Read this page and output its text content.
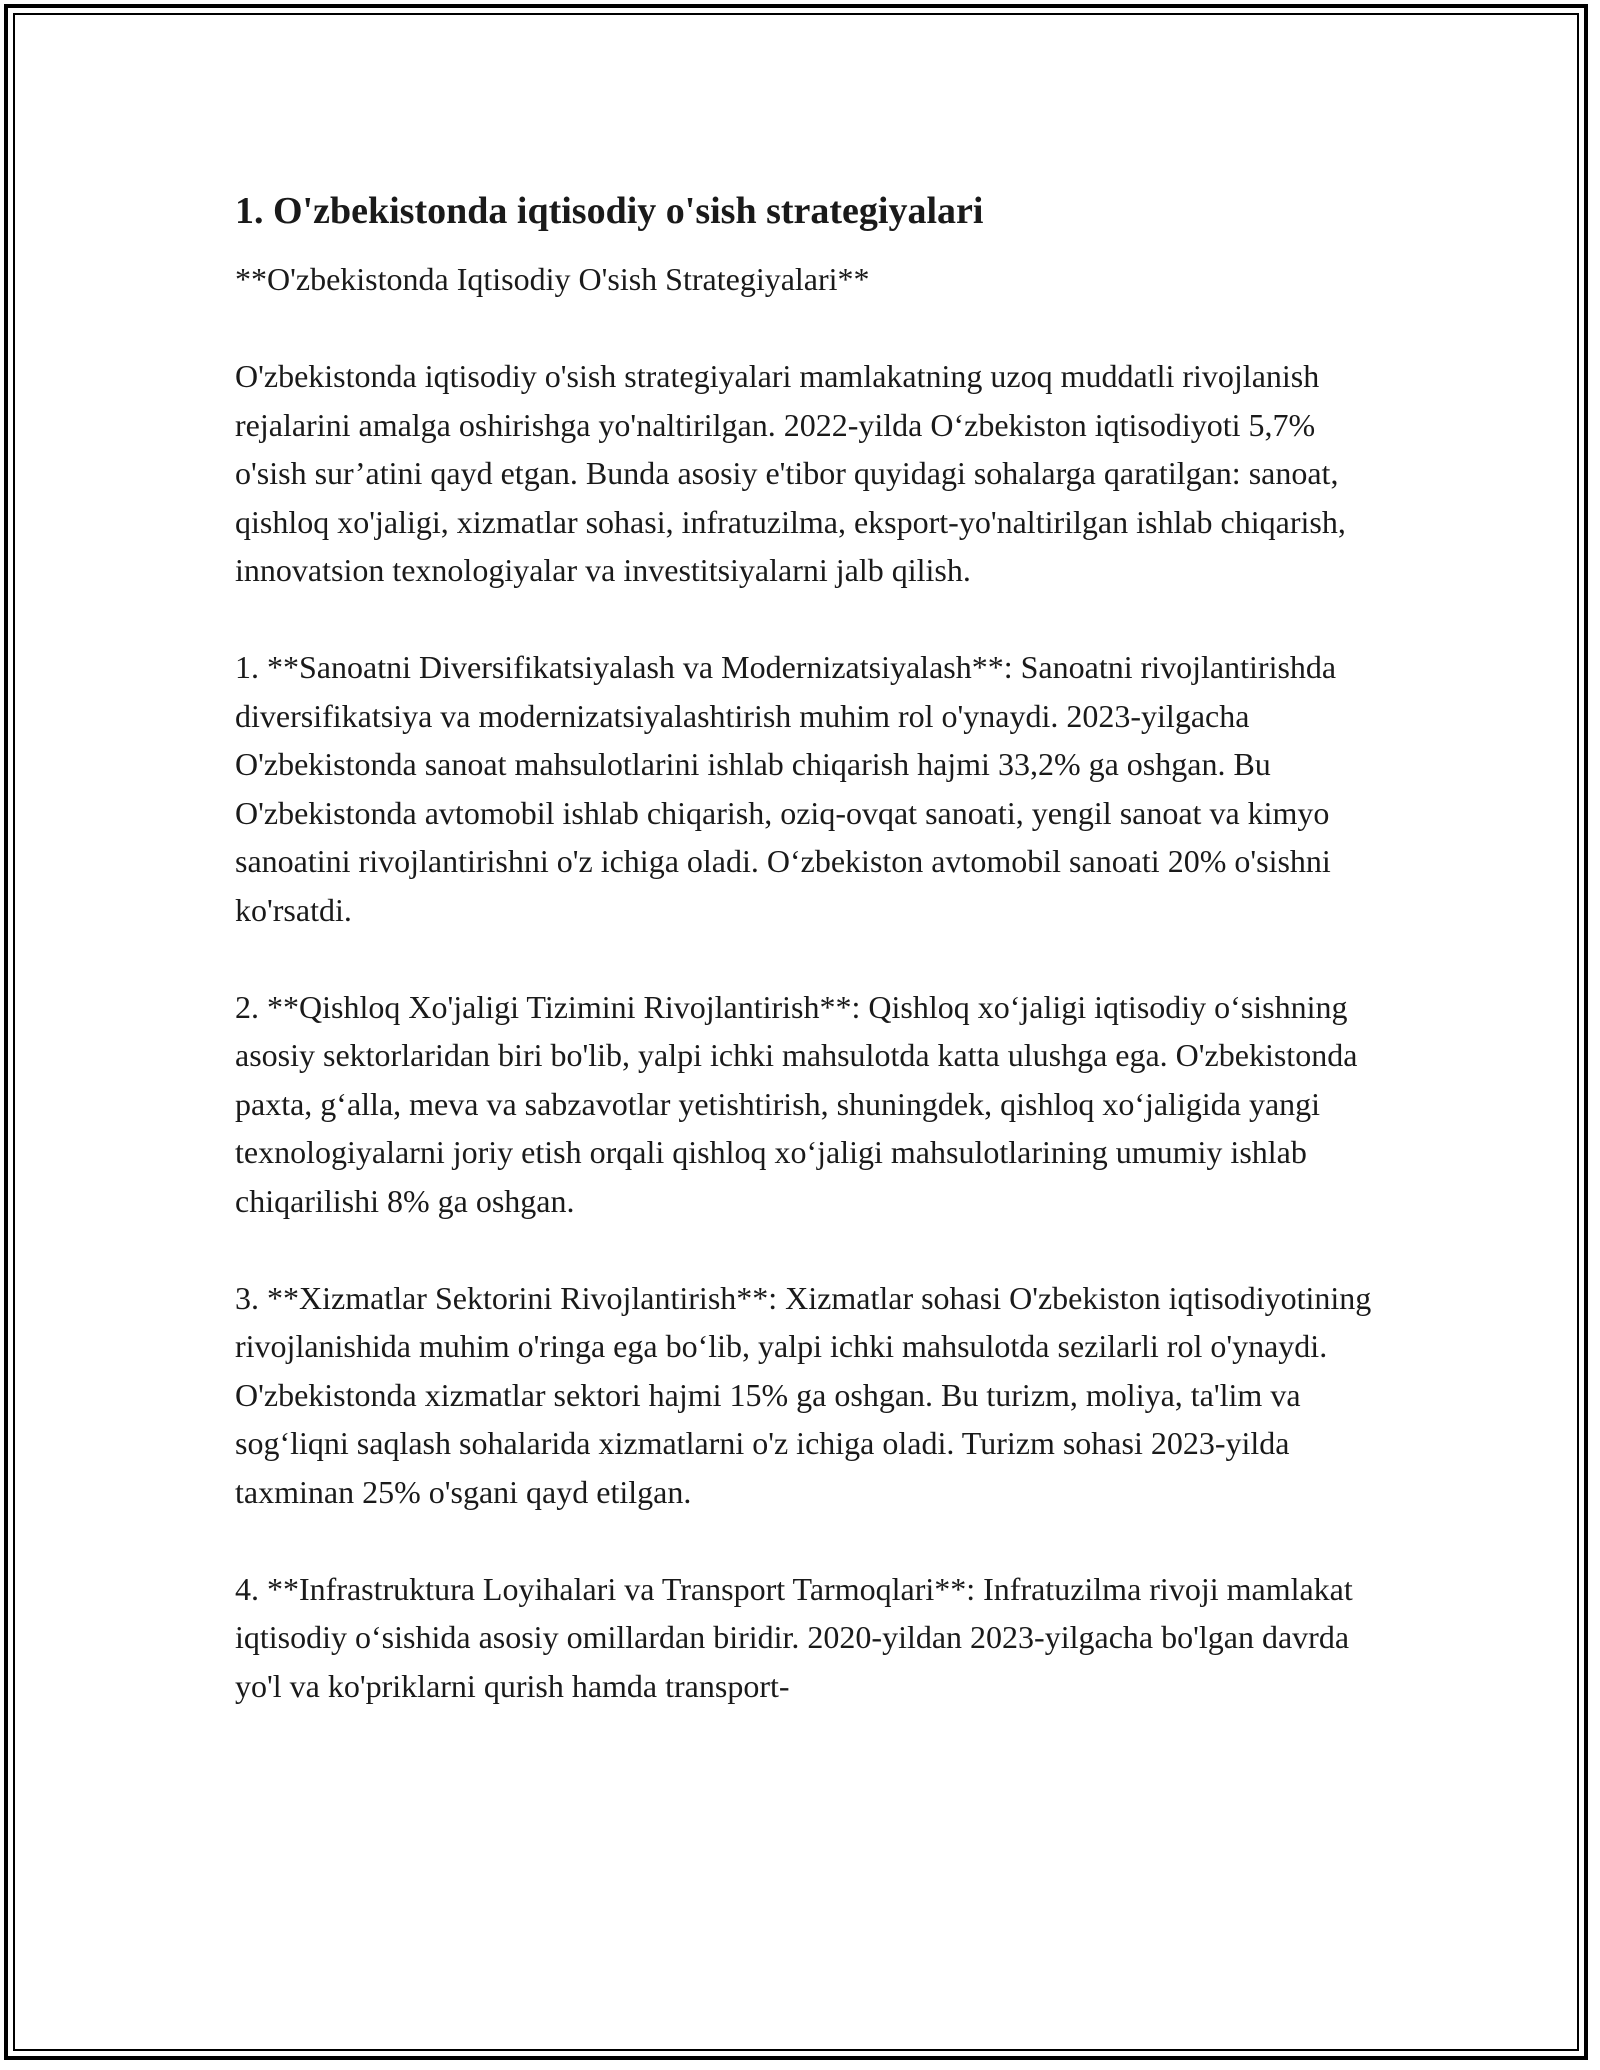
1. O'zbekistonda iqtisodiy o'sish strategiyalari
**O'zbekistonda Iqtisodiy O'sish Strategiyalari**
O'zbekistonda iqtisodiy o'sish strategiyalari mamlakatning uzoq muddatli rivojlanish rejalarini amalga oshirishga yo'naltirilgan. 2022-yilda O‘zbekiston iqtisodiyoti 5,7% o'sish sur’atini qayd etgan. Bunda asosiy e'tibor quyidagi sohalarga qaratilgan: sanoat, qishloq xo'jaligi, xizmatlar sohasi, infratuzilma, eksport-yo'naltirilgan ishlab chiqarish, innovatsion texnologiyalar va investitsiyalarni jalb qilish.
1. **Sanoatni Diversifikatsiyalash va Modernizatsiyalash**: Sanoatni rivojlantirishda diversifikatsiya va modernizatsiyalashtirish muhim rol o'ynaydi. 2023-yilgacha O'zbekistonda sanoat mahsulotlarini ishlab chiqarish hajmi 33,2% ga oshgan. Bu O'zbekistonda avtomobil ishlab chiqarish, oziq-ovqat sanoati, yengil sanoat va kimyo sanoatini rivojlantirishni o'z ichiga oladi. O‘zbekiston avtomobil sanoati 20% o'sishni ko'rsatdi.
2. **Qishloq Xo'jaligi Tizimini Rivojlantirish**: Qishloq xo‘jaligi iqtisodiy o‘sishning asosiy sektorlaridan biri bo'lib, yalpi ichki mahsulotda katta ulushga ega. O'zbekistonda paxta, g‘alla, meva va sabzavotlar yetishtirish, shuningdek, qishloq xo‘jaligida yangi texnologiyalarni joriy etish orqali qishloq xo‘jaligi mahsulotlarining umumiy ishlab chiqarilishi 8% ga oshgan.
3. **Xizmatlar Sektorini Rivojlantirish**: Xizmatlar sohasi O'zbekiston iqtisodiyotining rivojlanishida muhim o'ringa ega bo‘lib, yalpi ichki mahsulotda sezilarli rol o'ynaydi. O'zbekistonda xizmatlar sektori hajmi 15% ga oshgan. Bu turizm, moliya, ta'lim va sog‘liqni saqlash sohalarida xizmatlarni o'z ichiga oladi. Turizm sohasi 2023-yilda taxminan 25% o'sgani qayd etilgan.
4. **Infrastruktura Loyihalari va Transport Tarmoqlari**: Infratuzilma rivoji mamlakat iqtisodiy o‘sishida asosiy omillardan biridir. 2020-yildan 2023-yilgacha bo'lgan davrda yo'l va ko'priklarni qurish hamda transport-
